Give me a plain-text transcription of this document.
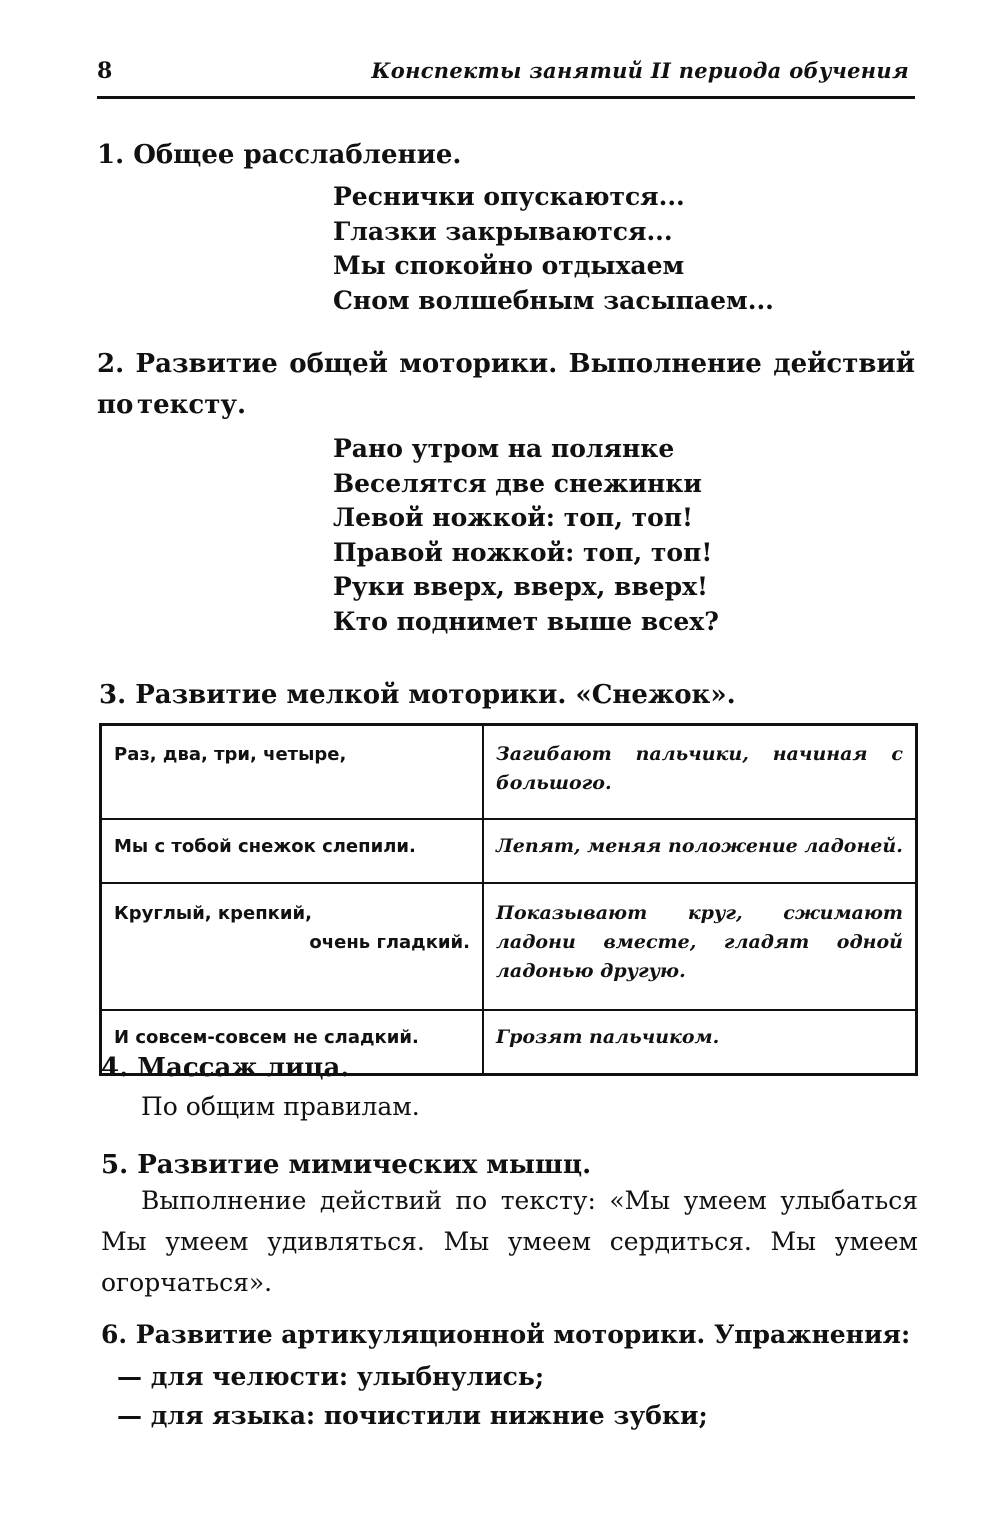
8	Конспекты занятий II периода обучения
1. Общее расслабление.
Реснички опускаются...
Глазки закрываются...
Мы спокойно отдыхаем
Сном волшебным засыпаем...
2. Развитие общей моторики. Выполнение действий по тексту.
Рано утром на полянке
Веселятся две снежинки
Левой ножкой: топ, топ!
Правой ножкой: топ, топ!
Руки вверх, вверх, вверх!
Кто поднимет выше всех?
3. Развитие мелкой моторики. «Снежок».
Раз, два, три, четыре,	Загибают пальчики, начиная с большого.
Мы с тобой снежок слепили.	Лепят, меняя положение ладоней.

Круглый, крепкий,
очень гладкий.	Показывают круг, сжимают ладони вместе, гладят одной ладонью другую.
И совсем-совсем не сладкий.	Грозят пальчиком.
4. Массаж лица.
По общим правилам.
5. Развитие мимических мышц.
Выполнение действий по тексту: «Мы умеем улыбаться Мы умеем удивляться. Мы умеем сердиться. Мы умеем огорчаться».
6. Развитие артикуляционной моторики. Упражнения:
— для челюсти: улыбнулись;
— для языка: почистили нижние зубки;
